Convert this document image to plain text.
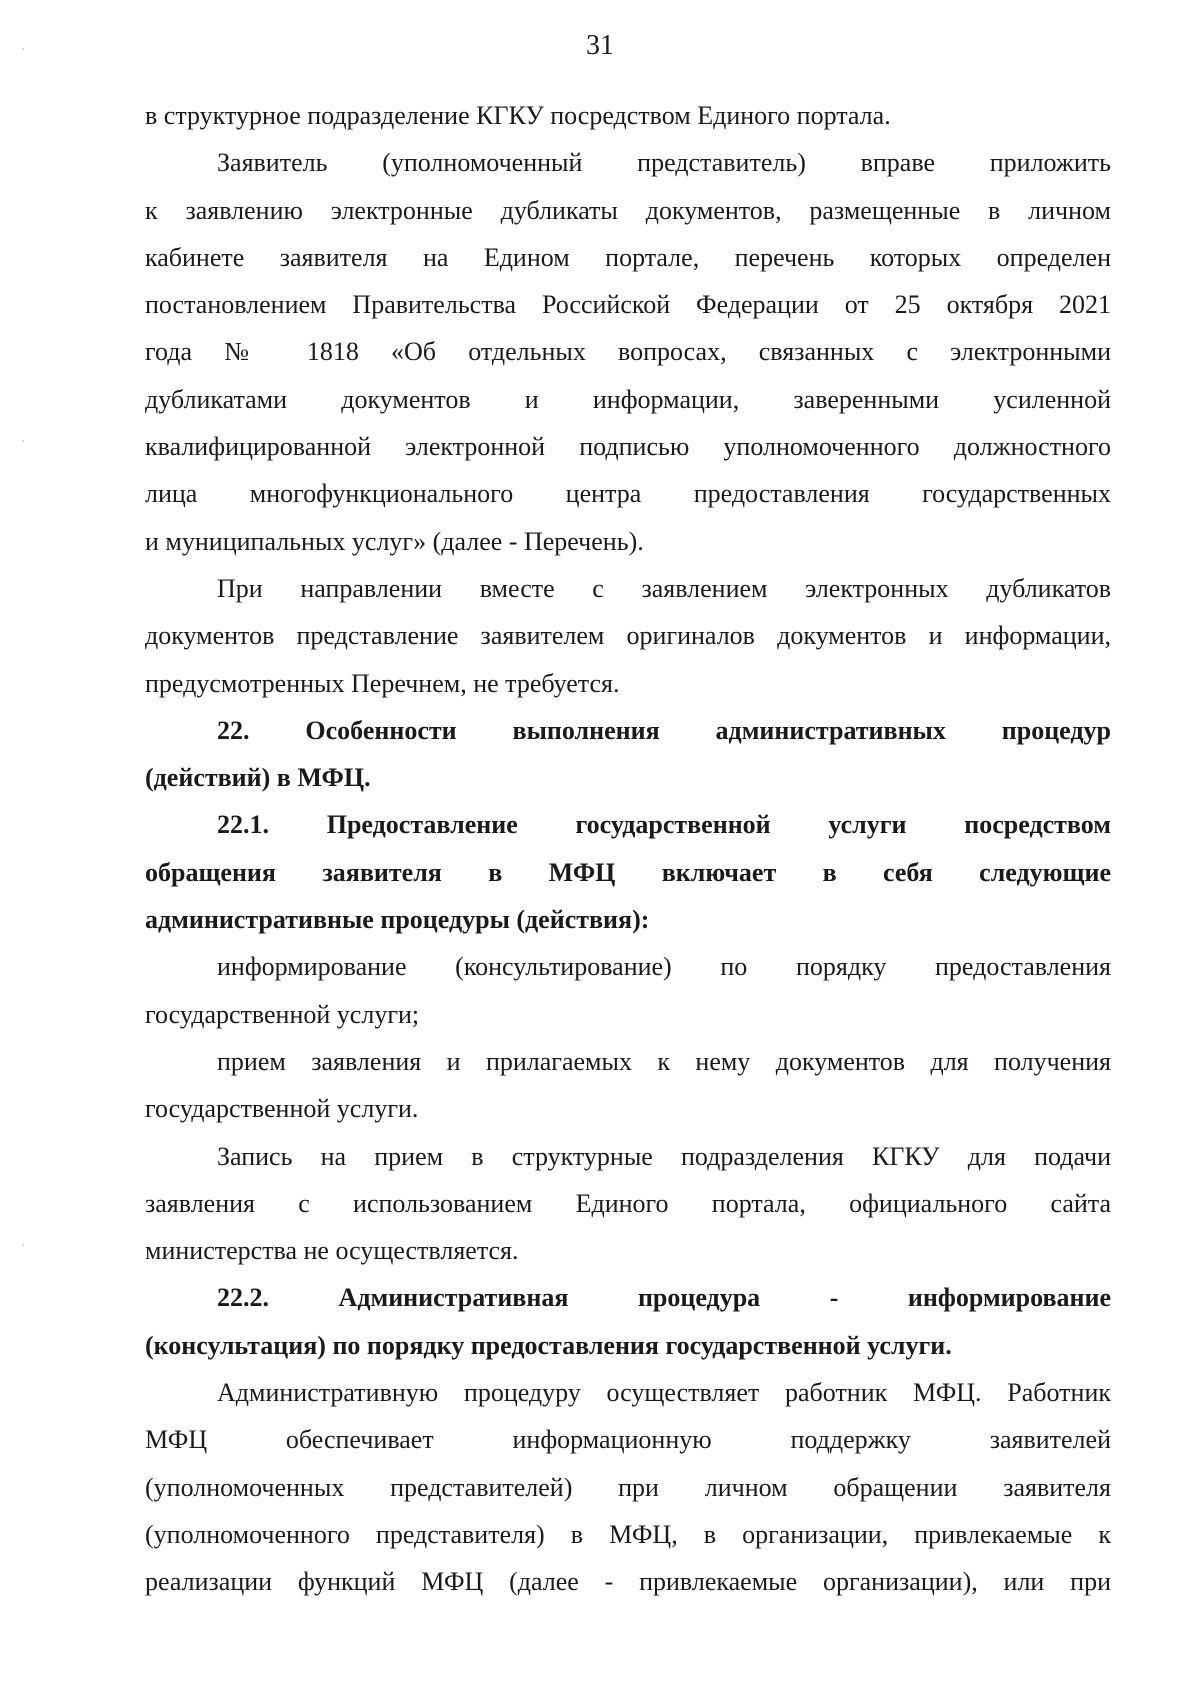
31
в структурное подразделение КГКУ посредством Единого портала.
Заявитель (уполномоченный представитель) вправе приложить
к заявлению электронные дубликаты документов, размещенные в личном
кабинете заявителя на Едином портале, перечень которых определен
постановлением Правительства Российской Федерации от 25 октября 2021
года № 1818 «Об отдельных вопросах, связанных с электронными
дубликатами документов и информации, заверенными усиленной
квалифицированной электронной подписью уполномоченного должностного
лица многофункционального центра предоставления государственных
и муниципальных услуг» (далее - Перечень).
При направлении вместе с заявлением электронных дубликатов
документов представление заявителем оригиналов документов и информации,
предусмотренных Перечнем, не требуется.
22. Особенности выполнения административных процедур
(действий) в МФЦ.
22.1. Предоставление государственной услуги посредством
обращения заявителя в МФЦ включает в себя следующие
административные процедуры (действия):
информирование (консультирование) по порядку предоставления
государственной услуги;
прием заявления и прилагаемых к нему документов для получения
государственной услуги.
Запись на прием в структурные подразделения КГКУ для подачи
заявления с использованием Единого портала, официального сайта
министерства не осуществляется.
22.2. Административная процедура - информирование
(консультация) по порядку предоставления государственной услуги.
Административную процедуру осуществляет работник МФЦ. Работник
МФЦ обеспечивает информационную поддержку заявителей
(уполномоченных представителей) при личном обращении заявителя
(уполномоченного представителя) в МФЦ, в организации, привлекаемые к
реализации функций МФЦ (далее - привлекаемые организации), или при
